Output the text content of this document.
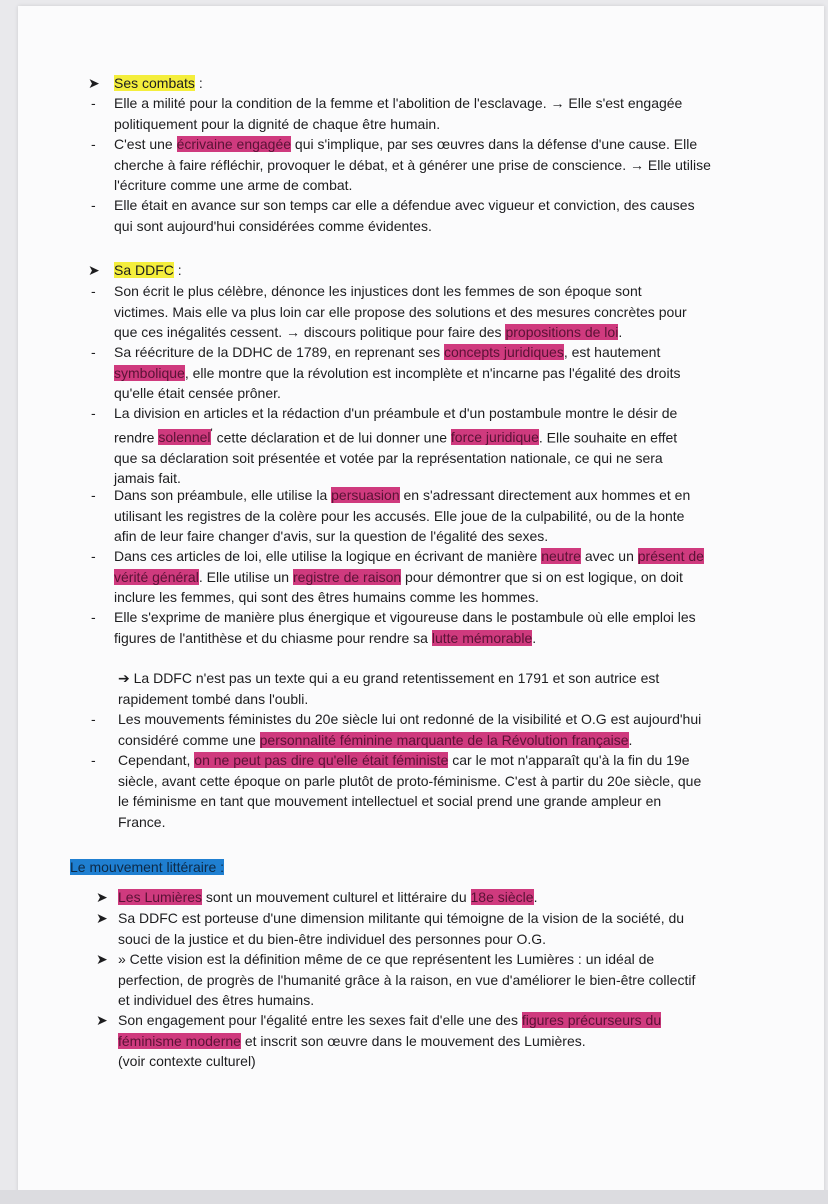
➤ Ses combats :
- Elle a milité pour la condition de la femme et l'abolition de l'esclavage. → Elle s'est engagée
politiquement pour la dignité de chaque être humain.
- C'est une écrivaine engagée qui s'implique, par ses œuvres dans la défense d'une cause. Elle
cherche à faire réfléchir, provoquer le débat, et à générer une prise de conscience. → Elle utilise
l'écriture comme une arme de combat.
- Elle était en avance sur son temps car elle a défendue avec vigueur et conviction, des causes
qui sont aujourd'hui considérées comme évidentes.
➤ Sa DDFC :
- Son écrit le plus célèbre, dénonce les injustices dont les femmes de son époque sont
victimes. Mais elle va plus loin car elle propose des solutions et des mesures concrètes pour
que ces inégalités cessent. → discours politique pour faire des propositions de loi.
- Sa réécriture de la DDHC de 1789, en reprenant ses concepts juridiques, est hautement
symbolique, elle montre que la révolution est incomplète et n'incarne pas l'égalité des droits
qu'elle était censée prôner.
- La division en articles et la rédaction d'un préambule et d'un postambule montre le désir de
rendre solennel' cette déclaration et de lui donner une force juridique. Elle souhaite en effet
que sa déclaration soit présentée et votée par la représentation nationale, ce qui ne sera
jamais fait.
- Dans son préambule, elle utilise la persuasion en s'adressant directement aux hommes et en
utilisant les registres de la colère pour les accusés. Elle joue de la culpabilité, ou de la honte
afin de leur faire changer d'avis, sur la question de l'égalité des sexes.
- Dans ces articles de loi, elle utilise la logique en écrivant de manière neutre avec un présent de
vérité général. Elle utilise un registre de raison pour démontrer que si on est logique, on doit
inclure les femmes, qui sont des êtres humains comme les hommes.
- Elle s'exprime de manière plus énergique et vigoureuse dans le postambule où elle emploi les
figures de l'antithèse et du chiasme pour rendre sa lutte mémorable.
➔ La DDFC n'est pas un texte qui a eu grand retentissement en 1791 et son autrice est
rapidement tombé dans l'oubli.
- Les mouvements féministes du 20e siècle lui ont redonné de la visibilité et O.G est aujourd'hui
considéré comme une personnalité féminine marquante de la Révolution française.
- Cependant, on ne peut pas dire qu'elle était féministe car le mot n'apparaît qu'à la fin du 19e
siècle, avant cette époque on parle plutôt de proto-féminisme. C'est à partir du 20e siècle, que
le féminisme en tant que mouvement intellectuel et social prend une grande ampleur en
France.
Le mouvement littéraire :
➤ Les Lumières sont un mouvement culturel et littéraire du 18e siècle.
➤ Sa DDFC est porteuse d'une dimension militante qui témoigne de la vision de la société, du
souci de la justice et du bien-être individuel des personnes pour O.G.
➤ » Cette vision est la définition même de ce que représentent les Lumières : un idéal de
perfection, de progrès de l'humanité grâce à la raison, en vue d'améliorer le bien-être collectif
et individuel des êtres humains.
➤ Son engagement pour l'égalité entre les sexes fait d'elle une des figures précurseurs du
féminisme moderne et inscrit son œuvre dans le mouvement des Lumières.
(voir contexte culturel)
